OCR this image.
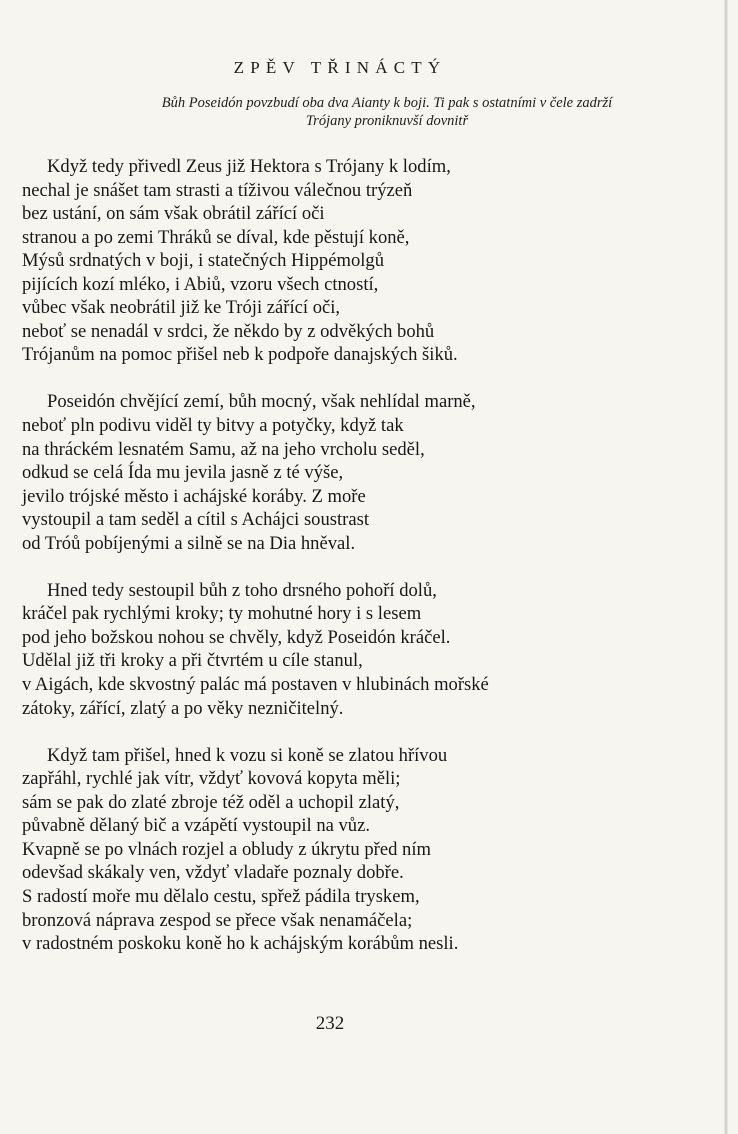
ZPĚV TŘINÁCTÝ
Bůh Poseidón povzbudí oba dva Aianty k boji. Ti pak s ostatními v čele zadrží
Trójany proniknuvší dovnitř
Když tedy přivedl Zeus již Hektora s Trójany k lodím,
nechal je snášet tam strasti a tíživou válečnou trýzeň
bez ustání, on sám však obrátil zářící oči
stranou a po zemi Thráků se díval, kde pěstují koně,
Mýsů srdnatých v boji, i statečných Hippémolgů
pijících kozí mléko, i Abiů, vzoru všech ctností,
vůbec však neobrátil již ke Tróji zářící oči,
neboť se nenadál v srdci, že někdo by z odvěkých bohů
Trójanům na pomoc přišel neb k podpoře danajských šiků.
Poseidón chvějící zemí, bůh mocný, však nehlídal marně,
neboť pln podivu viděl ty bitvy a potyčky, když tak
na thráckém lesnatém Samu, až na jeho vrcholu seděl,
odkud se celá Ída mu jevila jasně z té výše,
jevilo trójské město i achájské koráby. Z moře
vystoupil a tam seděl a cítil s Achájci soustrast
od Tróů pobíjenými a silně se na Dia hněval.
Hned tedy sestoupil bůh z toho drsného pohoří dolů,
kráčel pak rychlými kroky; ty mohutné hory i s lesem
pod jeho božskou nohou se chvěly, když Poseidón kráčel.
Udělal již tři kroky a při čtvrtém u cíle stanul,
v Aigách, kde skvostný palác má postaven v hlubinách mořské
zátoky, zářící, zlatý a po věky nezničitelný.
Když tam přišel, hned k vozu si koně se zlatou hřívou
zapřáhl, rychlé jak vítr, vždyť kovová kopyta měli;
sám se pak do zlaté zbroje též oděl a uchopil zlatý,
půvabně dělaný bič a vzápětí vystoupil na vůz.
Kvapně se po vlnách rozjel a obludy z úkrytu před ním
odevšad skákaly ven, vždyť vladaře poznaly dobře.
S radostí moře mu dělalo cestu, spřež pádila tryskem,
bronzová náprava zespod se přece však nenamáčela;
v radostném poskoku koně ho k achájským korábům nesli.
232
